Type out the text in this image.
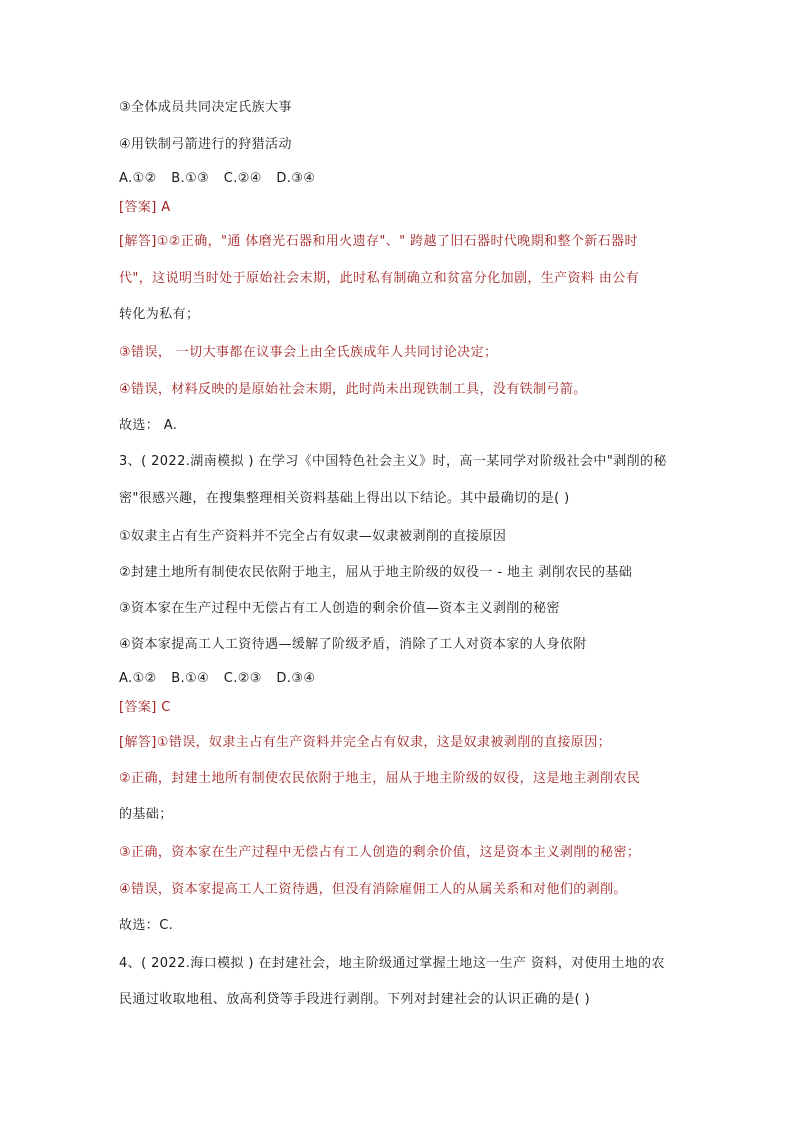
③全体成员共同决定氏族大事
④用铁制弓箭进行的狩猎活动
A.①② B.①③ C.②④ D.③④
[答案] A
[解答]①②正确，"通 体磨光石器和用火遗存"、" 跨越了旧石器时代晚期和整个新石器时
代"，这说明当时处于原始社会末期，此时私有制确立和贫富分化加剧，生产资料 由公有
转化为私有；
③错误， 一切大事都在议事会上由全氏族成年人共同讨论决定；
④错误，材料反映的是原始社会末期，此时尚未出现铁制工具，没有铁制弓箭。
故选： A.
3、( 2022.湖南模拟 ) 在学习《中国特色社会主义》时，高一某同学对阶级社会中"剥削的秘
密"很感兴趣，在搜集整理相关资料基础上得出以下结论。其中最确切的是( )
①奴隶主占有生产资料并不完全占有奴隶—奴隶被剥削的直接原因
②封建土地所有制使农民依附于地主，屈从于地主阶级的奴役一 - 地主 剥削农民的基础
③资本家在生产过程中无偿占有工人创造的剩余价值—资本主义剥削的秘密
④资本家提高工人工资待遇—缓解了阶级矛盾，消除了工人对资本家的人身依附
A.①② B.①④ C.②③ D.③④
[答案] C
[解答]①错误，奴隶主占有生产资料并完全占有奴隶，这是奴隶被剥削的直接原因；
②正确，封建土地所有制使农民依附于地主，屈从于地主阶级的奴役，这是地主剥削农民
的基础；
③正确，资本家在生产过程中无偿占有工人创造的剩余价值，这是资本主义剥削的秘密；
④错误，资本家提高工人工资待遇，但没有消除雇佣工人的从属关系和对他们的剥削。
故选：C.
4、( 2022.海口模拟 ) 在封建社会，地主阶级通过掌握土地这一生产 资料，对使用土地的农
民通过收取地租、放高利贷等手段进行剥削。下列对封建社会的认识正确的是( )
